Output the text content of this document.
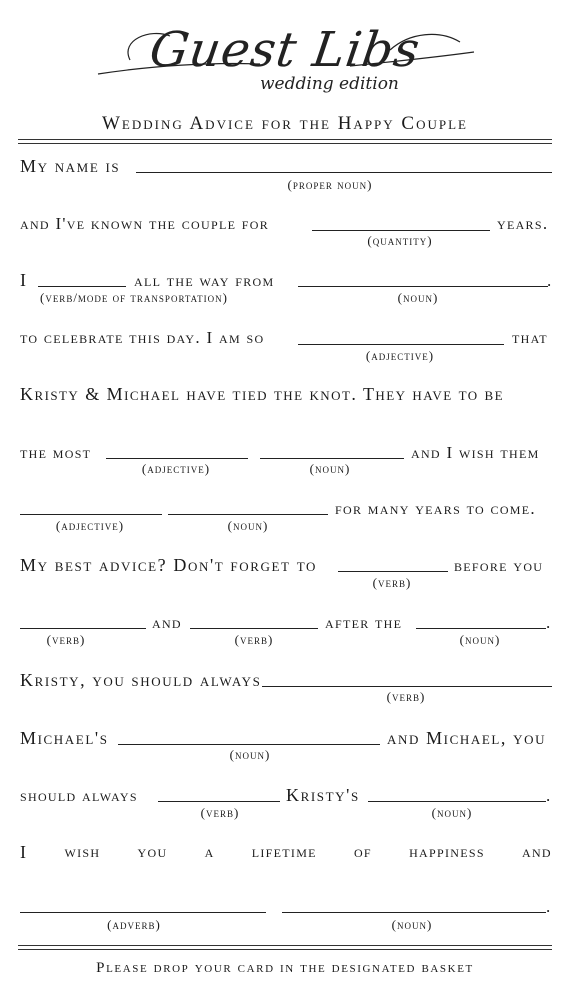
Guest Libs
wedding edition
Wedding Advice for the Happy Couple
My name is
(proper noun)
and I've known the couple for	years.
(quantity)
I	all the way from	.
(verb/mode of transportation)	(noun)
to celebrate this day. I am so	that
(adjective)
Kristy & Michael have tied the knot. They have to be
the most	and I wish them
(adjective)	(noun)
for many years to come.
(adjective)	(noun)
My best advice? Don't forget to	before you
(verb)
and	after the	.
(verb)	(verb)	(noun)
Kristy, you should always
(verb)
Michael's	and Michael, you
(noun)
should always	Kristy's	.
(verb)	(noun)
I wish you a lifetime of happiness and
.
(adverb)	(noun)
Please drop your card in the designated basket
